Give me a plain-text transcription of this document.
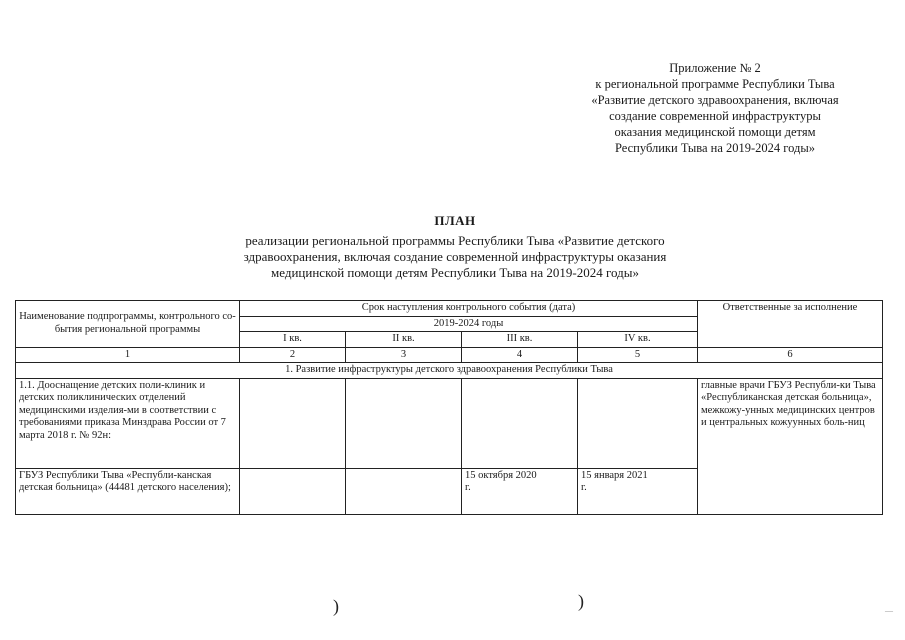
Приложение № 2
к региональной программе Республики Тыва
«Развитие детского здравоохранения, включая
создание современной инфраструктуры
оказания медицинской помощи детям
Республики Тыва на 2019-2024 годы»
ПЛАН
реализации региональной программы Республики Тыва «Развитие детского
здравоохранения, включая создание современной инфраструктуры оказания
медицинской помощи детям Республики Тыва на 2019-2024 годы»
Наименование подпрограммы, контрольного со-бытия региональной программы	Срок наступления контрольного события (дата)				Ответственные за исполнение
	2019-2024 годы				
	I кв.	II кв.	III кв.	IV кв.	
1	2	3	4	5	6
1. Развитие инфраструктуры детского здравоохранения Республики Тыва					
1.1. Дооснащение детских поли-клиник и детских поликлинических отделений медицинскими изделия-ми в соответствии с требованиями приказа Минздрава России от 7 марта 2018 г. № 92н:					главные врачи ГБУЗ Республи-ки Тыва «Республиканская детская больница», межкожу-унных медицинских центров и центральных кожуунных боль-ниц
ГБУЗ Республики Тыва «Республи-канская детская больница» (44481 детского населения);			15 октября 2020 г.	15 января 2021 г.	
)	)	—
